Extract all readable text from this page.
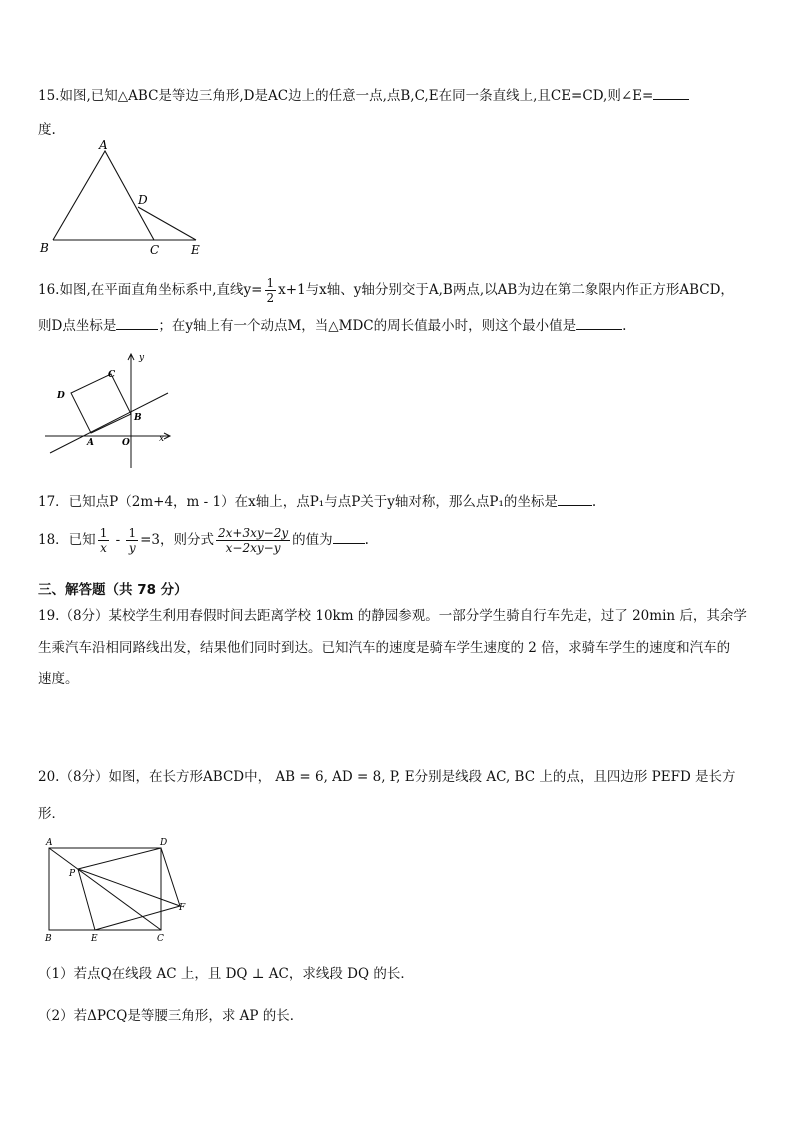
15.如图,已知△ABC是等边三角形,D是AC边上的任意一点,点B,C,E在同一条直线上,且CE=CD,则∠E=
度.
A
B	C
D
E
16.如图,在平面直角坐标系中,直线$y= \frac{1}{2} x+1$与x轴、y轴分别交于A,B两点,以AB为边在第二象限内作正方形ABCD，
则D点坐标是	；在y轴上有一个动点M，当△MDC的周长值最小时，则这个最小值是	.
y
x
D
C
B
A	O
17．已知点P（2m+4，m - 1）在x轴上，点P₁与点P关于y轴对称，那么点P₁的坐标是	.
18．已知 $\frac{1}{x} - \frac{1}{y} =3$，则分式 $\frac{2x+3xy-2y}{x-2xy-y}$ 的值为 .
三、解答题（共 78 分）
19.（8分）某校学生利用春假时间去距离学校 10km 的静园参观。一部分学生骑自行车先走，过了 20min 后，其余学
生乘汽车沿相同路线出发，结果他们同时到达。已知汽车的速度是骑车学生速度的 2 倍，求骑车学生的速度和汽车的
速度。
20.（8分）如图，在长方形ABCD中， AB = 6, AD = 8, P, E分别是线段 AC, BC 上的点，且四边形 PEFD 是长方
形．
A	D
P
F
B	E	C
（1）若点Q在线段 AC 上，且 DQ ⊥ AC，求线段 DQ 的长．
（2）若ΔPCQ是等腰三角形，求 AP 的长．
